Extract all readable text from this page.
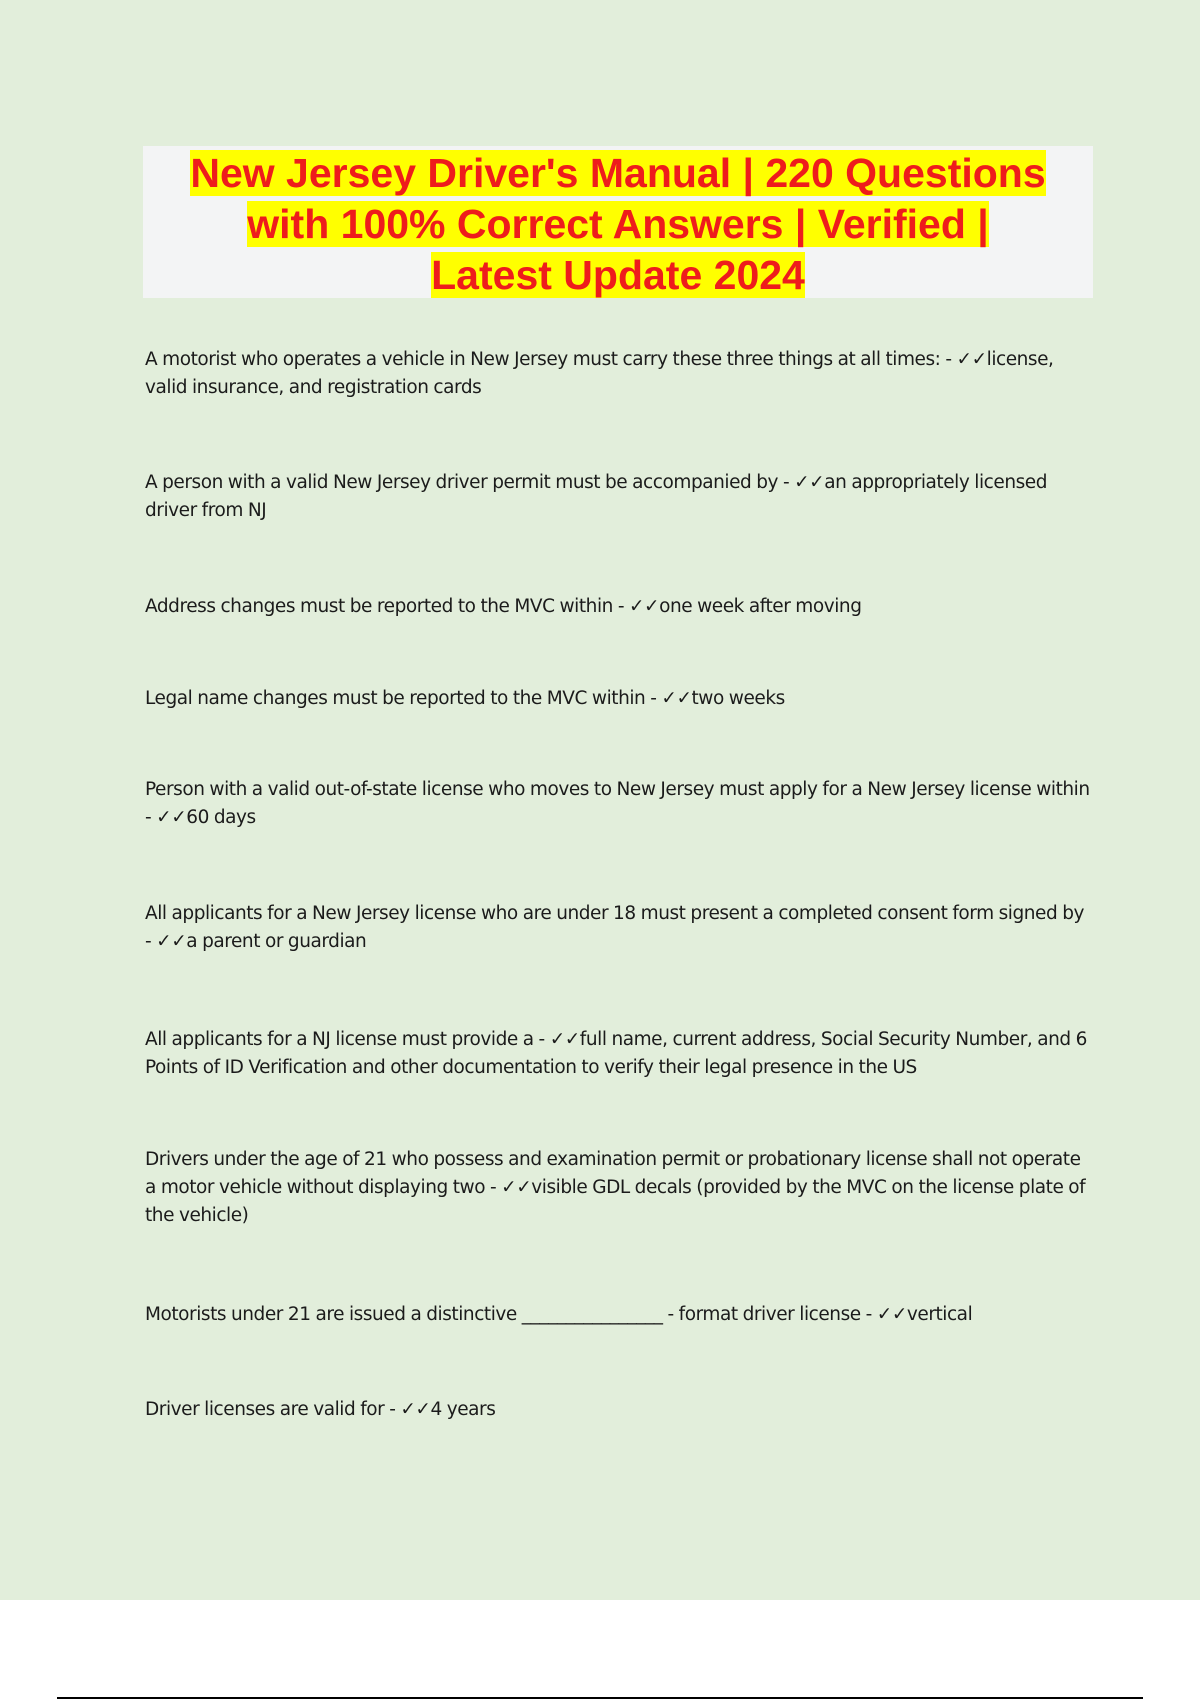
New Jersey Driver's Manual | 220 Questions
with 100% Correct Answers | Verified |
Latest Update 2024

A motorist who operates a vehicle in New Jersey must carry these three things at all times: - ✓✓license, valid insurance, and registration cards

A person with a valid New Jersey driver permit must be accompanied by - ✓✓an appropriately licensed driver from NJ

Address changes must be reported to the MVC within - ✓✓one week after moving

Legal name changes must be reported to the MVC within - ✓✓two weeks

Person with a valid out-of-state license who moves to New Jersey must apply for a New Jersey license within - ✓✓60 days

All applicants for a New Jersey license who are under 18 must present a completed consent form signed by - ✓✓a parent or guardian

All applicants for a NJ license must provide a - ✓✓full name, current address, Social Security Number, and 6 Points of ID Verification and other documentation to verify their legal presence in the US

Drivers under the age of 21 who possess and examination permit or probationary license shall not operate a motor vehicle without displaying two - ✓✓visible GDL decals (provided by the MVC on the license plate of the vehicle)

Motorists under 21 are issued a distinctive ________________ - format driver license - ✓✓vertical

Driver licenses are valid for - ✓✓4 years
